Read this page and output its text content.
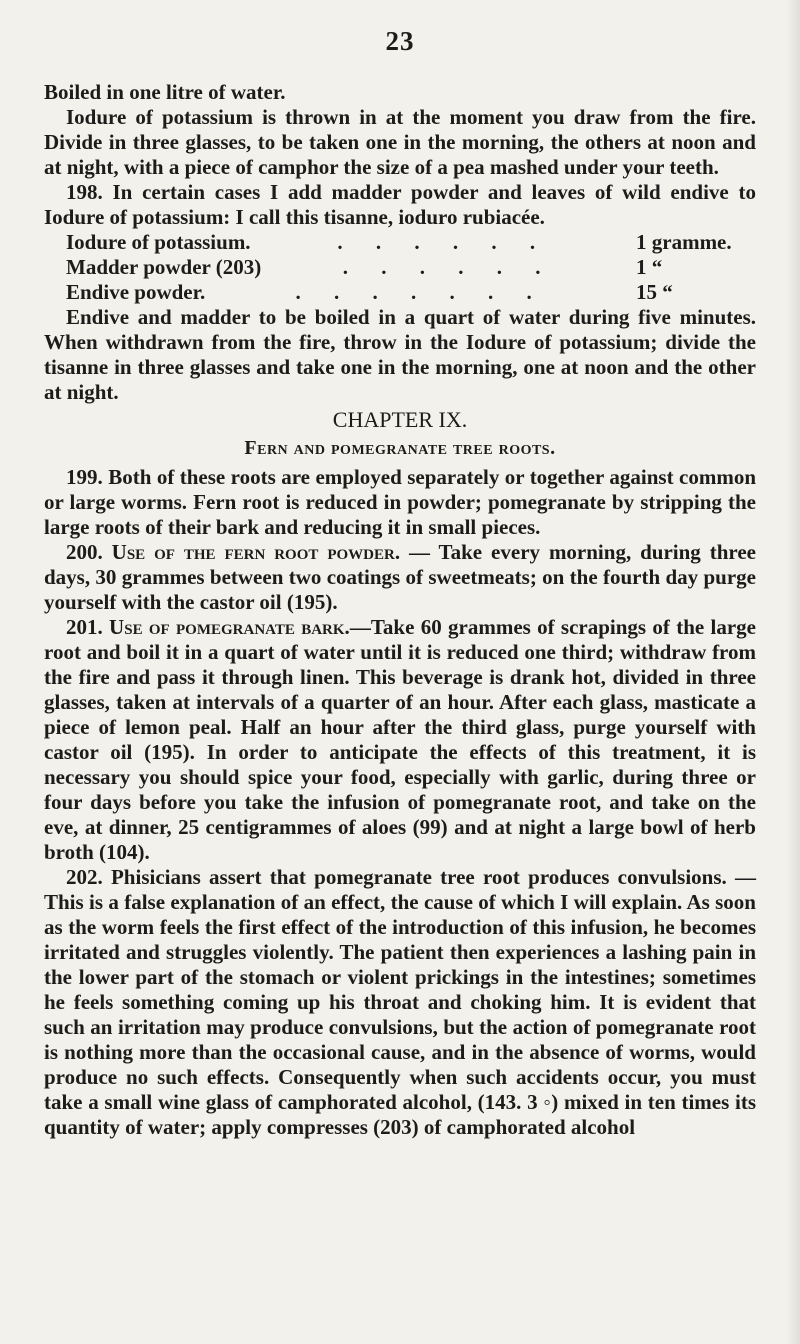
23

Boiled in one litre of water.

Iodure of potassium is thrown in at the moment you draw from the fire. Divide in three glasses, to be taken one in the morning, the others at noon and at night, with a piece of camphor the size of a pea mashed under your teeth.

198. In certain cases I add madder powder and leaves of wild endive to Iodure of potassium: I call this tisanne, ioduro rubiacée.

Iodure of potassium.	. . . . . .	1 gramme.
Madder powder (203)	. . . . . .	1 “
Endive powder.	. . . . . . .	15 “

Endive and madder to be boiled in a quart of water during five minutes. When withdrawn from the fire, throw in the Iodure of potassium; divide the tisanne in three glasses and take one in the morning, one at noon and the other at night.

CHAPTER IX.
Fern and pomegranate tree roots.

199. Both of these roots are employed separately or together against common or large worms. Fern root is reduced in powder; pomegranate by stripping the large roots of their bark and reducing it in small pieces.

200. Use of the fern root powder. — Take every morning, during three days, 30 grammes between two coatings of sweetmeats; on the fourth day purge yourself with the castor oil (195).

201. Use of pomegranate bark.—Take 60 grammes of scrapings of the large root and boil it in a quart of water until it is reduced one third; withdraw from the fire and pass it through linen. This beverage is drank hot, divided in three glasses, taken at intervals of a quarter of an hour. After each glass, masticate a piece of lemon peal. Half an hour after the third glass, purge yourself with castor oil (195). In order to anticipate the effects of this treatment, it is necessary you should spice your food, especially with garlic, during three or four days before you take the infusion of pomegranate root, and take on the eve, at dinner, 25 centigrammes of aloes (99) and at night a large bowl of herb broth (104).

202. Phisicians assert that pomegranate tree root produces convulsions. — This is a false explanation of an effect, the cause of which I will explain. As soon as the worm feels the first effect of the introduction of this infusion, he becomes irritated and struggles violently. The patient then experiences a lashing pain in the lower part of the stomach or violent prickings in the intestines; sometimes he feels something coming up his throat and choking him. It is evident that such an irritation may produce convulsions, but the action of pomegranate root is nothing more than the occasional cause, and in the absence of worms, would produce no such effects. Consequently when such accidents occur, you must take a small wine glass of camphorated alcohol, (143. 3 ◦) mixed in ten times its quantity of water; apply compresses (203) of camphorated alcohol
